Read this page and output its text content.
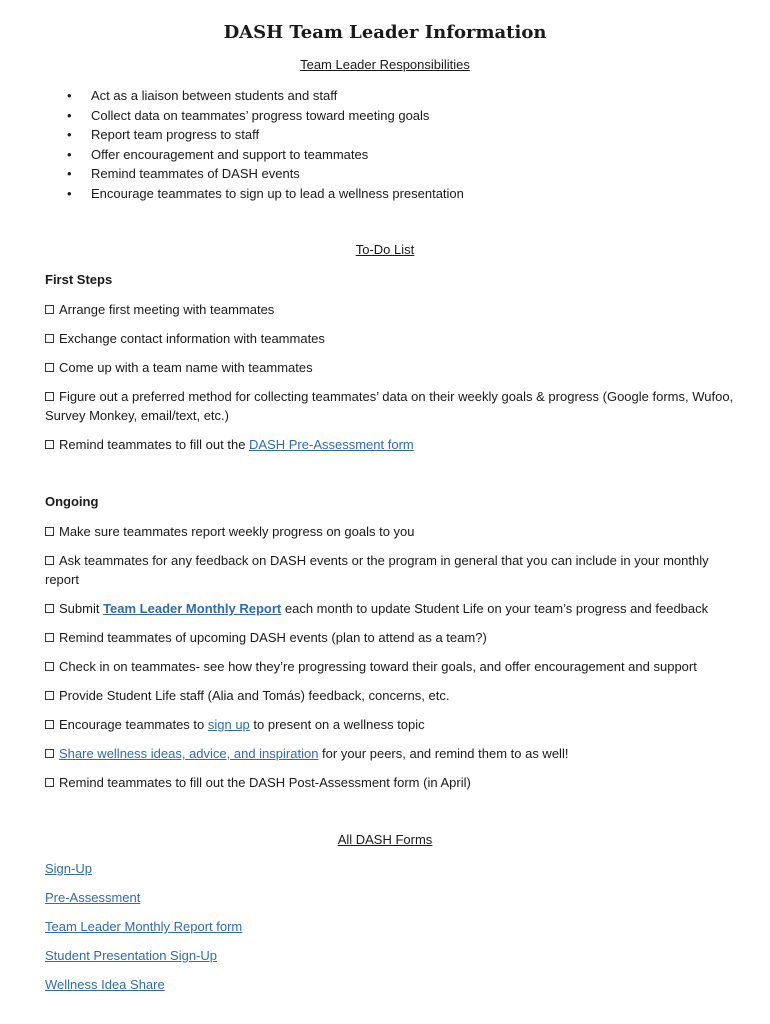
DASH Team Leader Information
Team Leader Responsibilities
• Act as a liaison between students and staff
• Collect data on teammates’ progress toward meeting goals
• Report team progress to staff
• Offer encouragement and support to teammates
• Remind teammates of DASH events
• Encourage teammates to sign up to lead a wellness presentation
To-Do List
First Steps
Arrange first meeting with teammates
Exchange contact information with teammates
Come up with a team name with teammates
Figure out a preferred method for collecting teammates’ data on their weekly goals & progress (Google forms, Wufoo, Survey Monkey, email/text, etc.)
Remind teammates to fill out the DASH Pre-Assessment form
Ongoing
Make sure teammates report weekly progress on goals to you
Ask teammates for any feedback on DASH events or the program in general that you can include in your monthly report
Submit Team Leader Monthly Report each month to update Student Life on your team’s progress and feedback
Remind teammates of upcoming DASH events (plan to attend as a team?)
Check in on teammates- see how they’re progressing toward their goals, and offer encouragement and support
Provide Student Life staff (Alia and Tomás) feedback, concerns, etc.
Encourage teammates to sign up to present on a wellness topic
Share wellness ideas, advice, and inspiration for your peers, and remind them to as well!
Remind teammates to fill out the DASH Post-Assessment form (in April)
All DASH Forms
Sign-Up
Pre-Assessment
Team Leader Monthly Report form
Student Presentation Sign-Up
Wellness Idea Share
